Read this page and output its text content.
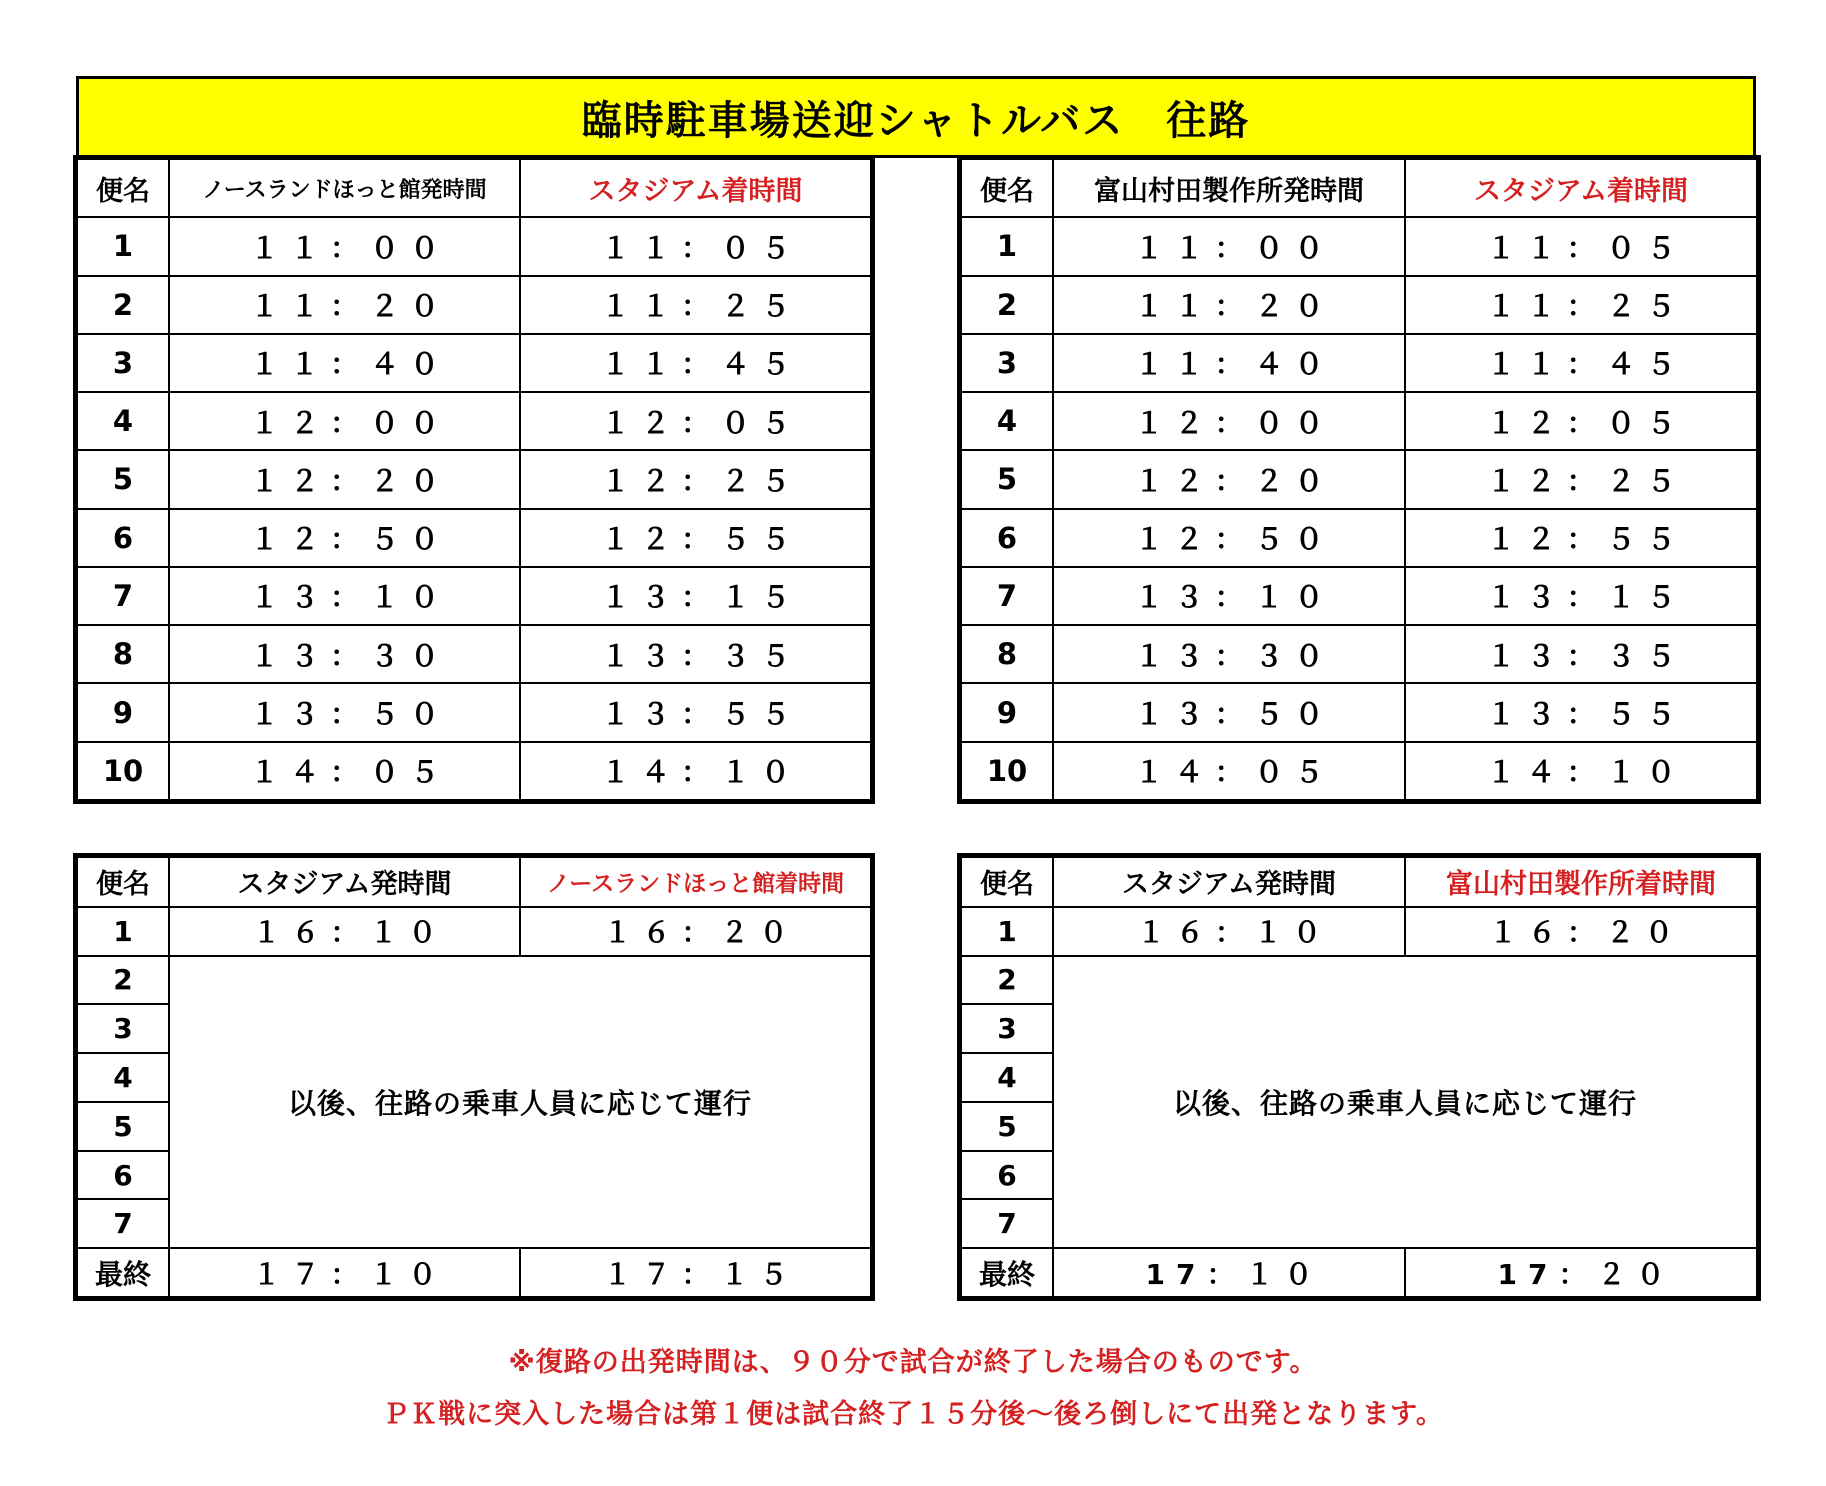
臨時駐車場送迎シャトルバス　往路
便名	ノースランドほっと館発時間	スタジアム着時間
1	１１：００	１１：０５
2	１１：２０	１１：２５
3	１１：４０	１１：４５
4	１２：００	１２：０５
5	１２：２０	１２：２５
6	１２：５０	１２：５５
7	１３：１０	１３：１５
8	１３：３０	１３：３５
9	１３：５０	１３：５５
10	１４：０５	１４：１０
便名	富山村田製作所発時間	スタジアム着時間
1	１１：００	１１：０５
2	１１：２０	１１：２５
3	１１：４０	１１：４５
4	１２：００	１２：０５
5	１２：２０	１２：２５
6	１２：５０	１２：５５
7	１３：１０	１３：１５
8	１３：３０	１３：３５
9	１３：５０	１３：５５
10	１４：０５	１４：１０
便名	スタジアム発時間	ノースランドほっと館着時間
1	１６：１０	１６：２０
2	以後、往路の乗車人員に応じて運行	
3		
4		
5		
6		
7		
最終	１７：１０	１７：１５
便名	スタジアム発時間	富山村田製作所着時間
1	１６：１０	１６：２０
2	以後、往路の乗車人員に応じて運行	
3		
4		
5		
6		
7		
最終	17：１０	17：２０
※復路の出発時間は、９０分で試合が終了した場合のものです。
ＰＫ戦に突入した場合は第１便は試合終了１５分後～後ろ倒しにて出発となります。
